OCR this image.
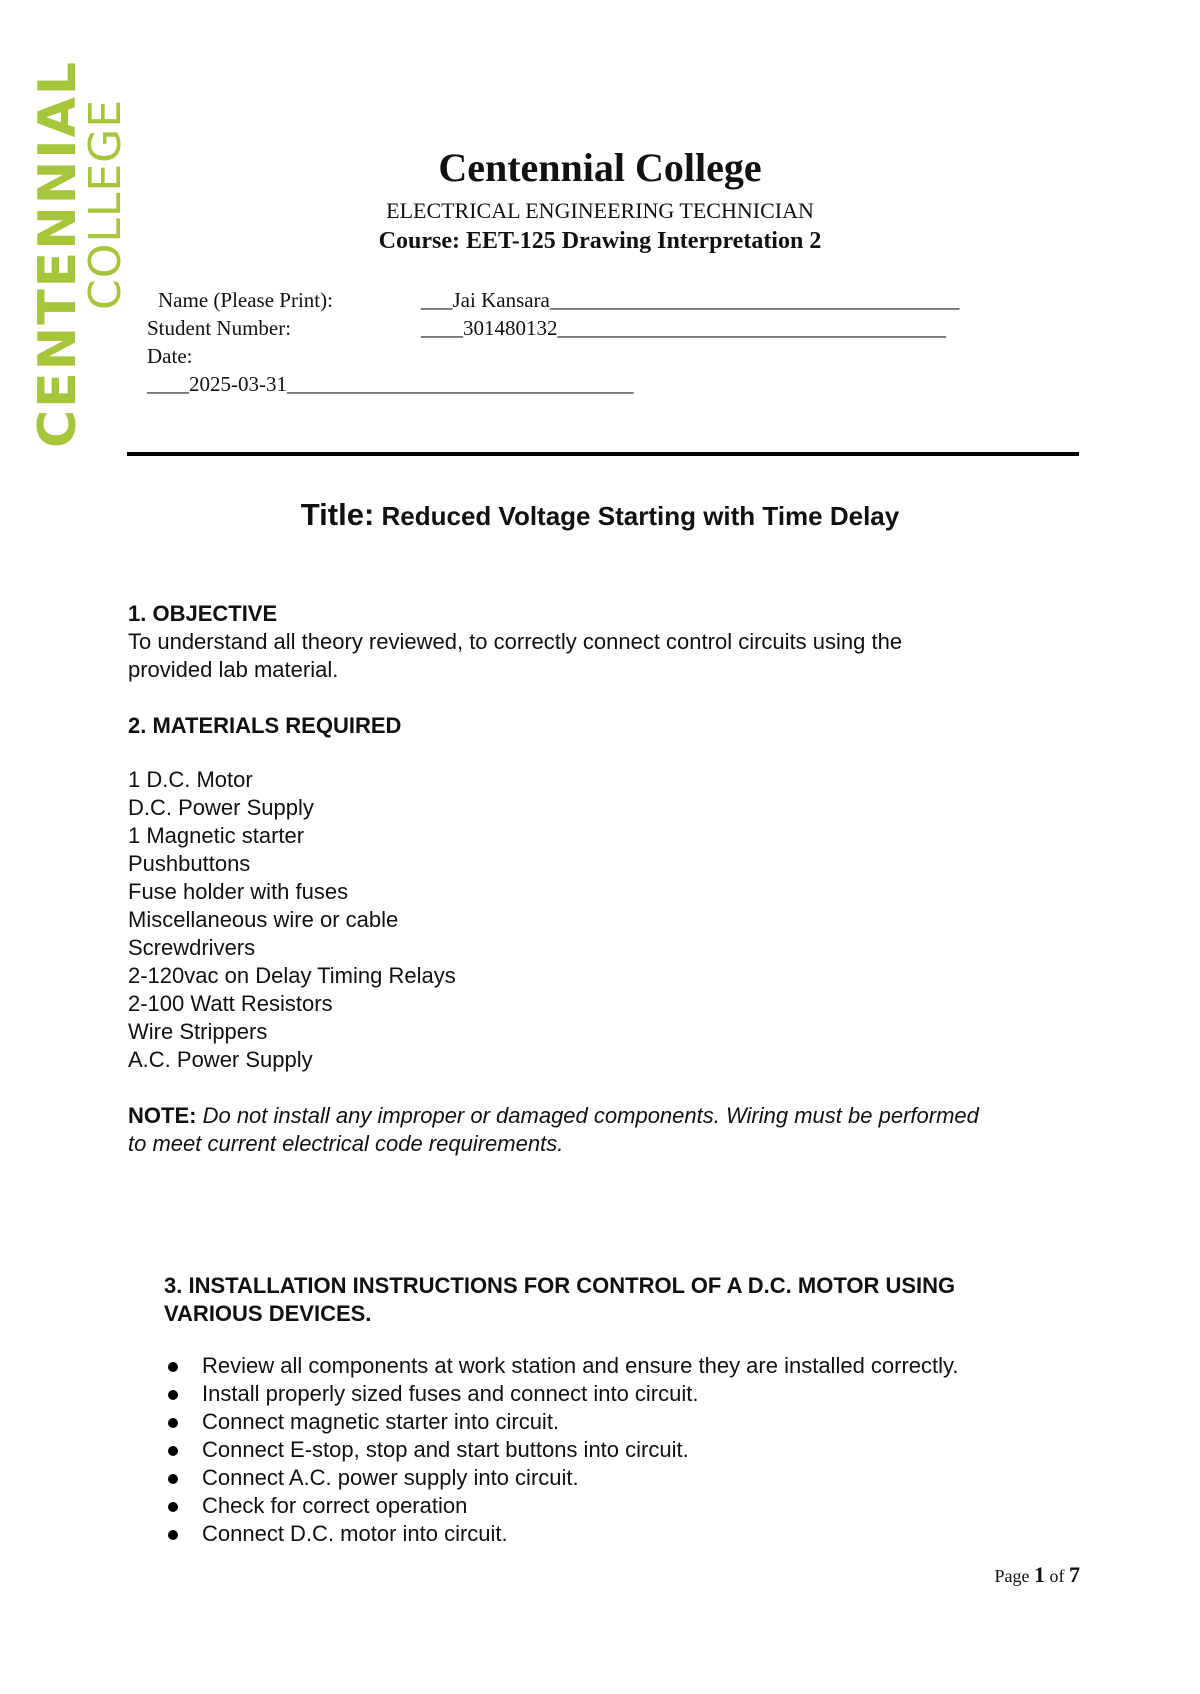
CENTENNIAL
COLLEGE	Centennial College
ELECTRICAL ENGINEERING TECHNICIAN
Course: EET-125 Drawing Interpretation 2
Name (Please Print):	___Jai Kansara_______________________________________
Student Number:	____301480132_____________________________________
Date:
____2025-03-31_________________________________
Title: Reduced Voltage Starting with Time Delay
1. OBJECTIVE
To understand all theory reviewed, to correctly connect control circuits using the
provided lab material.
2. MATERIALS REQUIRED
1 D.C. Motor
D.C. Power Supply
1 Magnetic starter
Pushbuttons
Fuse holder with fuses
Miscellaneous wire or cable
Screwdrivers
2-120vac on Delay Timing Relays
2-100 Watt Resistors
Wire Strippers
A.C. Power Supply
NOTE: Do not install any improper or damaged components. Wiring must be performed
to meet current electrical code requirements.
3. INSTALLATION INSTRUCTIONS FOR CONTROL OF A D.C. MOTOR USING
VARIOUS DEVICES.
Review all components at work station and ensure they are installed correctly.
Install properly sized fuses and connect into circuit.
Connect magnetic starter into circuit.
Connect E-stop, stop and start buttons into circuit.
Connect A.C. power supply into circuit.
Check for correct operation
Connect D.C. motor into circuit.
Page 1 of 7
